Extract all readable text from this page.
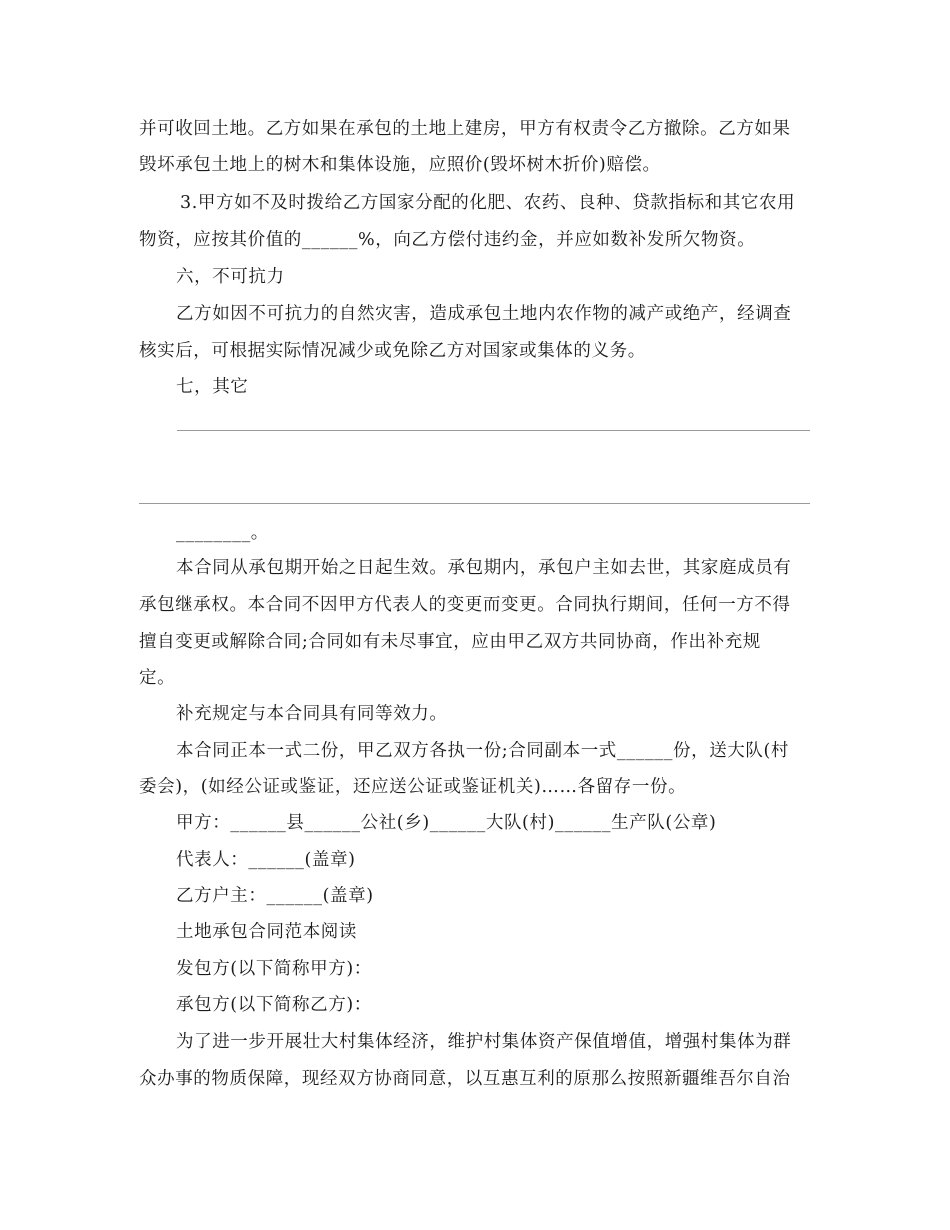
并可收回土地。乙方如果在承包的土地上建房，甲方有权责令乙方撤除。乙方如果

毁坏承包土地上的树木和集体设施，应照价(毁坏树木折价)赔偿。

3.甲方如不及时拨给乙方国家分配的化肥、农药、良种、贷款指标和其它农用

物资，应按其价值的______%，向乙方偿付违约金，并应如数补发所欠物资。

六，不可抗力

乙方如因不可抗力的自然灾害，造成承包土地内农作物的减产或绝产，经调查

核实后，可根据实际情况减少或免除乙方对国家或集体的义务。

七，其它

________。

本合同从承包期开始之日起生效。承包期内，承包户主如去世，其家庭成员有

承包继承权。本合同不因甲方代表人的变更而变更。合同执行期间，任何一方不得

擅自变更或解除合同;合同如有未尽事宜，应由甲乙双方共同协商，作出补充规

定。

补充规定与本合同具有同等效力。

本合同正本一式二份，甲乙双方各执一份;合同副本一式______份，送大队(村

委会)，(如经公证或鉴证，还应送公证或鉴证机关)……各留存一份。

甲方：______县______公社(乡)______大队(村)______生产队(公章)

代表人：______(盖章)

乙方户主：______(盖章)

土地承包合同范本阅读

发包方(以下简称甲方)：

承包方(以下简称乙方)：

为了进一步开展壮大村集体经济，维护村集体资产保值增值，增强村集体为群

众办事的物质保障，现经双方协商同意，以互惠互利的原那么按照新疆维吾尔自治
